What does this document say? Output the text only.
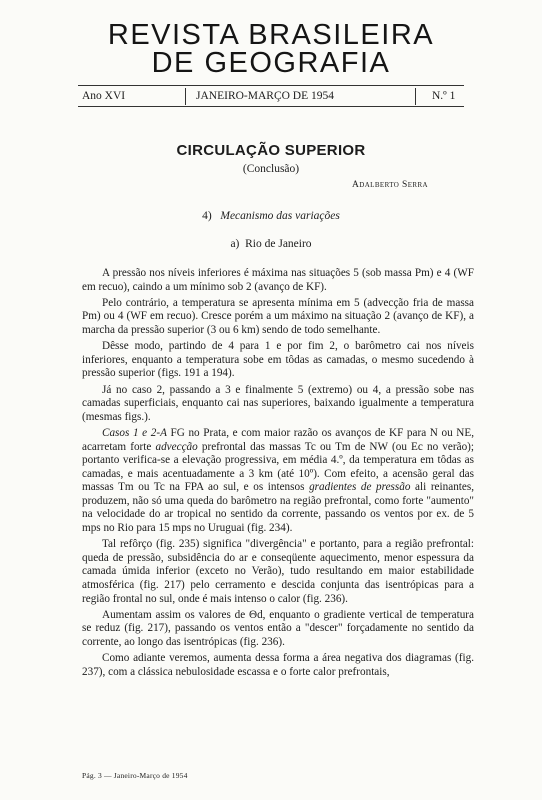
REVISTA BRASILEIRA
DE GEOGRAFIA
Ano XVI	JANEIRO-MARÇO DE 1954	N.º 1
CIRCULAÇÃO SUPERIOR
(Conclusão)
Adalberto Serra
4) Mecanismo das variações
a) Rio de Janeiro

A pressão nos níveis inferiores é máxima nas situações 5 (sob massa Pm) e 4 (WF em recuo), caindo a um mínimo sob 2 (avanço de KF).

Pelo contrário, a temperatura se apresenta mínima em 5 (advecção fria de massa Pm) ou 4 (WF em recuo). Cresce porém a um máximo na situação 2 (avanço de KF), a marcha da pressão superior (3 ou 6 km) sendo de todo semelhante.

Dêsse modo, partindo de 4 para 1 e por fim 2, o barômetro cai nos níveis inferiores, enquanto a temperatura sobe em tôdas as camadas, o mesmo sucedendo à pressão superior (figs. 191 a 194).

Já no caso 2, passando a 3 e finalmente 5 (extremo) ou 4, a pressão sobe nas camadas superficiais, enquanto cai nas superiores, baixando igualmente a temperatura (mesmas figs.).

Casos 1 e 2-A FG no Prata, e com maior razão os avanços de KF para N ou NE, acarretam forte advecção prefrontal das massas Tc ou Tm de NW (ou Ec no verão); portanto verifica-se a elevação progressiva, em média 4.º, da temperatura em tôdas as camadas, e mais acentuadamente a 3 km (até 10º). Com efeito, a acensão geral das massas Tm ou Tc na FPA ao sul, e os intensos gradientes de pressão ali reinantes, produzem, não só uma queda do barômetro na região prefrontal, como forte "aumento" na velocidade do ar tropical no sentido da corrente, passando os ventos por ex. de 5 mps no Rio para 15 mps no Uruguai (fig. 234).

Tal refôrço (fig. 235) significa "divergência" e portanto, para a região prefrontal: queda de pressão, subsidência do ar e conseqüente aquecimento, menor espessura da camada úmida inferior (exceto no Verão), tudo resultando em maior estabilidade atmosférica (fig. 217) pelo cerramento e descida conjunta das isentrópicas para a região frontal no sul, onde é mais intenso o calor (fig. 236).

Aumentam assim os valores de Θd, enquanto o gradiente vertical de temperatura se reduz (fig. 217), passando os ventos então a "descer" forçadamente no sentido da corrente, ao longo das isentrópicas (fig. 236).

Como adiante veremos, aumenta dessa forma a área negativa dos diagramas (fig. 237), com a clássica nebulosidade escassa e o forte calor prefrontais,

Pág. 3 — Janeiro-Março de 1954
